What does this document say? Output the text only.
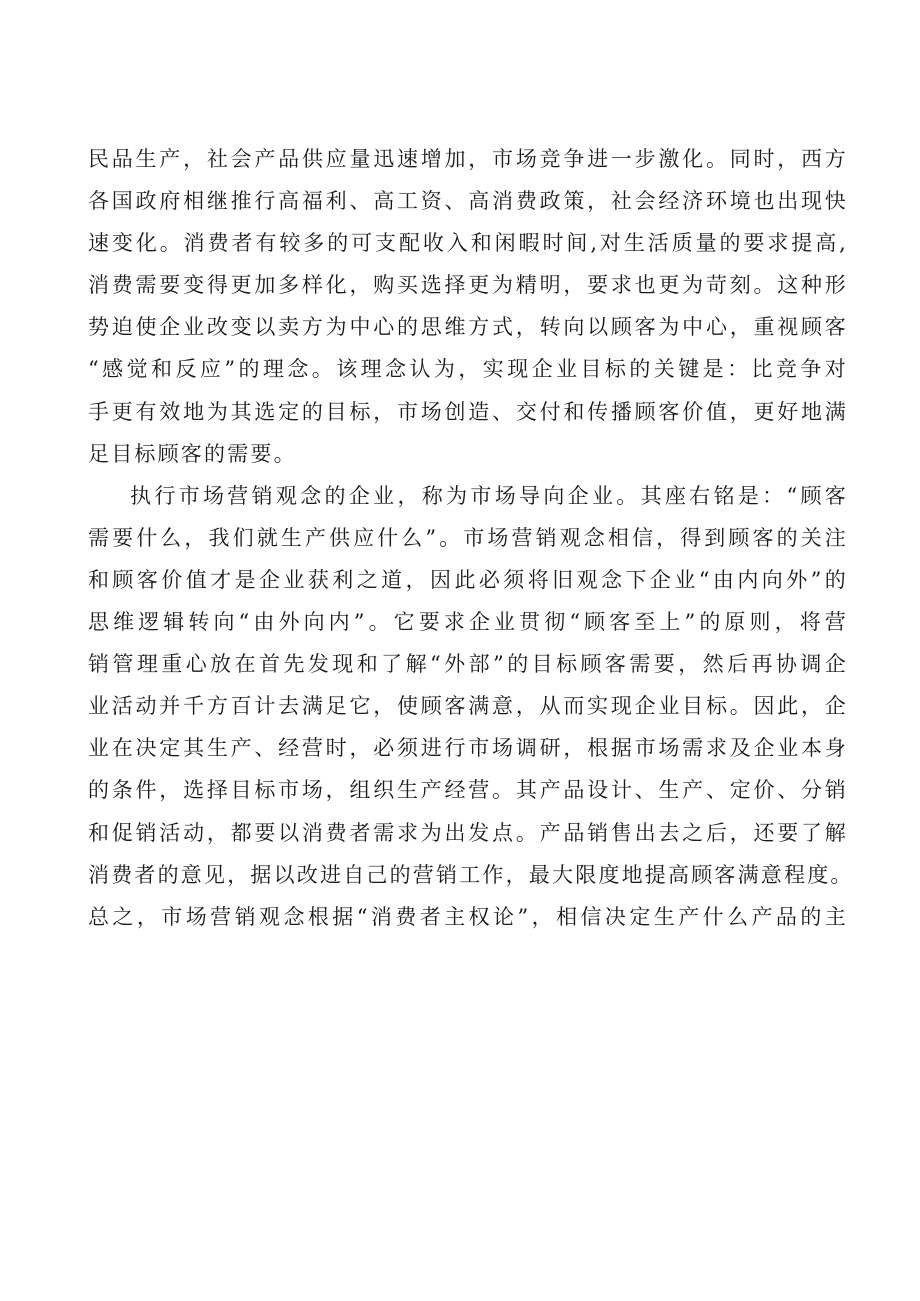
民品生产，社会产品供应量迅速增加，市场竞争进一步激化。同时，西方
各国政府相继推行高福利、高工资、高消费政策，社会经济环境也出现快
速变化。消费者有较多的可支配收入和闲暇时间,对生活质量的要求提高,
消费需要变得更加多样化，购买选择更为精明，要求也更为苛刻。这种形
势迫使企业改变以卖方为中心的思维方式，转向以顾客为中心，重视顾客
“感觉和反应”的理念。该理念认为，实现企业目标的关键是：比竞争对
手更有效地为其选定的目标，市场创造、交付和传播顾客价值，更好地满
足目标顾客的需要。
执行市场营销观念的企业，称为市场导向企业。其座右铭是：“顾客
需要什么，我们就生产供应什么”。市场营销观念相信，得到顾客的关注
和顾客价值才是企业获利之道，因此必须将旧观念下企业“由内向外”的
思维逻辑转向“由外向内”。它要求企业贯彻“顾客至上”的原则，将营
销管理重心放在首先发现和了解“外部”的目标顾客需要，然后再协调企
业活动并千方百计去满足它，使顾客满意，从而实现企业目标。因此，企
业在决定其生产、经营时，必须进行市场调研，根据市场需求及企业本身
的条件，选择目标市场，组织生产经营。其产品设计、生产、定价、分销
和促销活动，都要以消费者需求为出发点。产品销售出去之后，还要了解
消费者的意见，据以改进自己的营销工作，最大限度地提高顾客满意程度。
总之，市场营销观念根据“消费者主权论”，相信决定生产什么产品的主
